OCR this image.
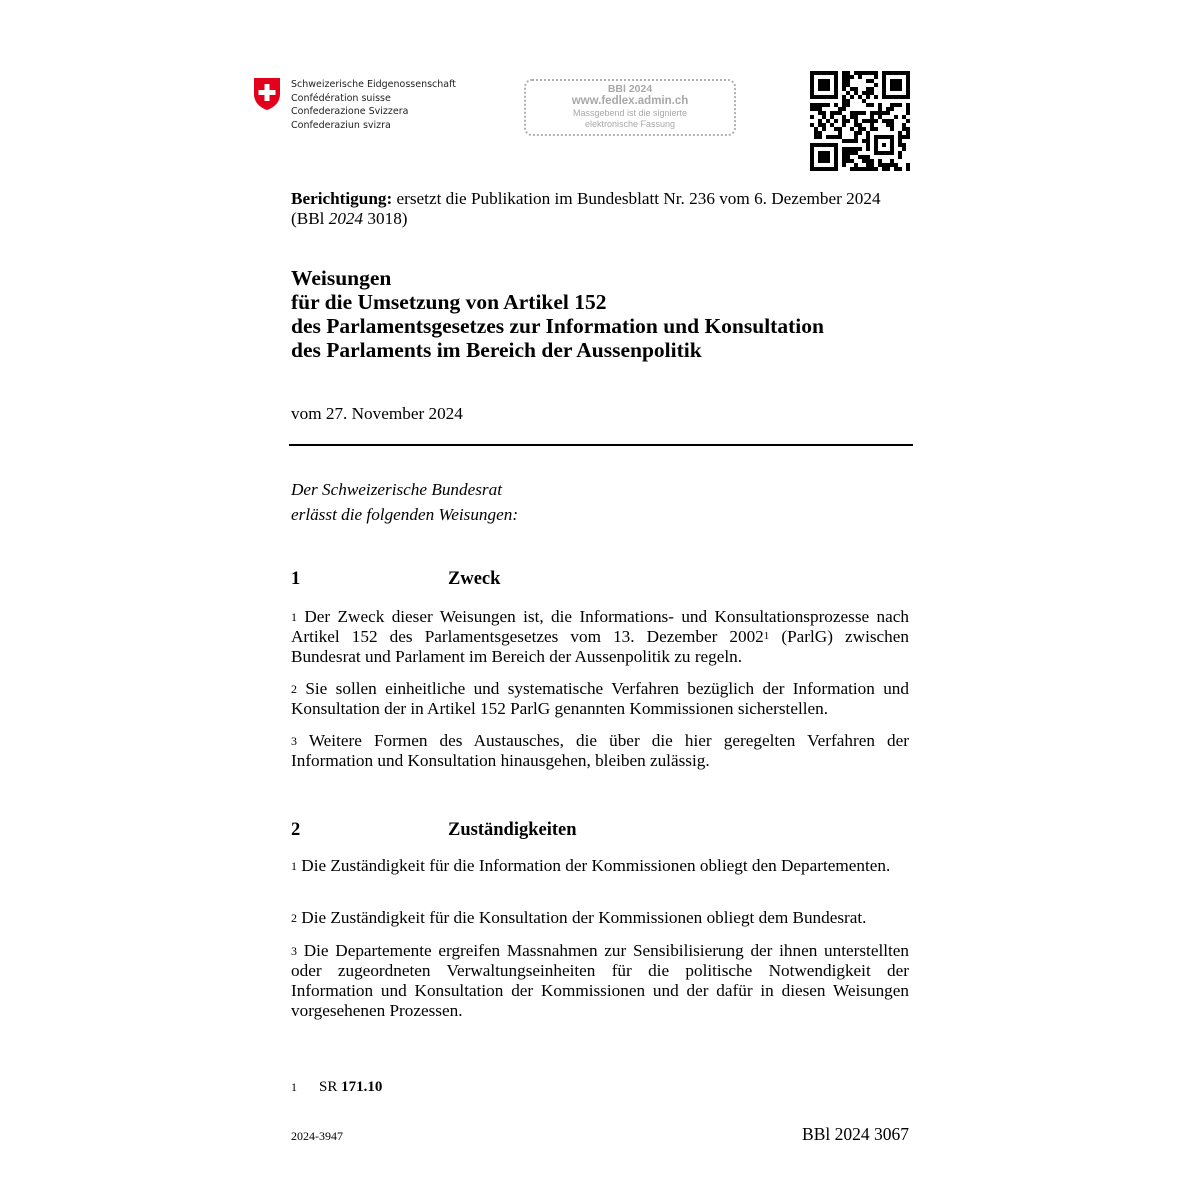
Schweizerische Eidgenossenschaft
Confédération suisse
Confederazione Svizzera
Confederaziun svizra
BBl 2024
www.fedlex.admin.ch
Massgebend ist die signierte
elektronische Fassung
Berichtigung: ersetzt die Publikation im Bundesblatt Nr. 236 vom 6. Dezember 2024
(BBl 2024 3018)
Weisungen
für die Umsetzung von Artikel 152
des Parlamentsgesetzes zur Information und Konsultation
des Parlaments im Bereich der Aussenpolitik
vom 27. November 2024
Der Schweizerische Bundesrat
erlässt die folgenden Weisungen:
1	Zweck
$^1$ Der Zweck dieser Weisungen ist, die Informations- und Konsultationsprozesse nach Artikel 152 des Parlamentsgesetzes vom 13. Dezember 2002$^1$ (ParlG) zwischen Bundesrat und Parlament im Bereich der Aussenpolitik zu regeln.
$^2$ Sie sollen einheitliche und systematische Verfahren bezüglich der Information und Konsultation der in Artikel 152 ParlG genannten Kommissionen sicherstellen.
$^3$ Weitere Formen des Austausches, die über die hier geregelten Verfahren der Information und Konsultation hinausgehen, bleiben zulässig.
2	Zuständigkeiten
$^1$ Die Zuständigkeit für die Information der Kommissionen obliegt den Departementen.
$^2$ Die Zuständigkeit für die Konsultation der Kommissionen obliegt dem Bundesrat.
$^3$ Die Departemente ergreifen Massnahmen zur Sensibilisierung der ihnen unterstellten oder zugeordneten Verwaltungseinheiten für die politische Notwendigkeit der Information und Konsultation der Kommissionen und der dafür in diesen Weisungen vorgesehenen Prozessen.
$^1$ SR 171.10
2024-3947	BBl 2024 3067
